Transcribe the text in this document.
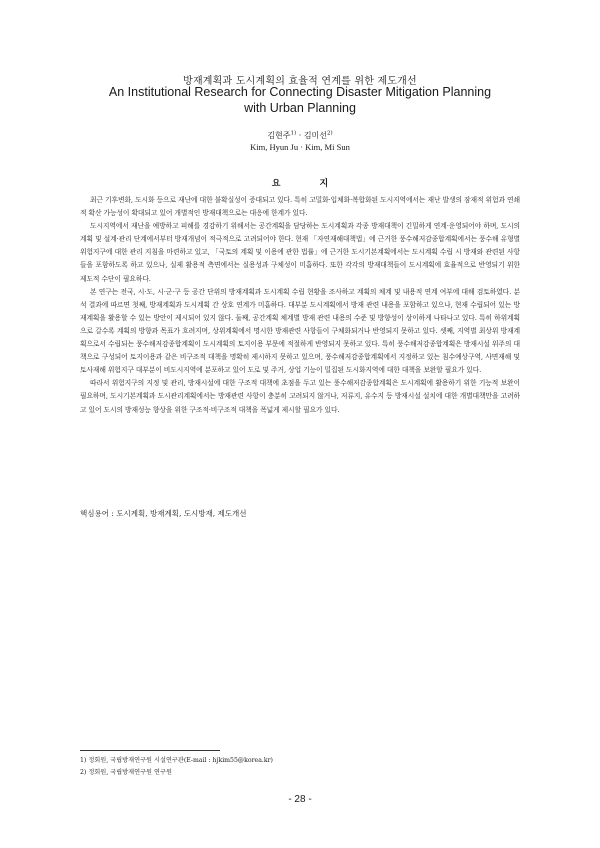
방재계획과 도시계획의 효율적 연계를 위한 제도개선
An Institutional Research for Connecting Disaster Mitigation Planning
with Urban Planning
김현주$^{1)}$ · 김미선$^{2)}$
Kim, Hyun Ju · Kim, Mi Sun
요 지

최근 기후변화, 도시화 등으로 재난에 대한 불확실성이 증대되고 있다. 특히 고밀화·입체화·복합화된 도시지역에서는 재난 발생의 잠재적 위험과 연쇄적 확산 가능성이 확대되고 있어 개별적인 방재대책으로는 대응에 한계가 있다.

도시지역에서 재난을 예방하고 피해를 경감하기 위해서는 공간계획을 담당하는 도시계획과 각종 방재대책이 긴밀하게 연계·운영되어야 하며, 도시의 계획 및 설계·관리 단계에서부터 방재개념이 적극적으로 고려되어야 한다. 현재 「자연재해대책법」에 근거한 풍수해저감종합계획에서는 풍수해 유형별 위험지구에 대한 관리 지침을 마련하고 있고, 「국토의 계획 및 이용에 관한 법률」에 근거한 도시기본계획에서는 도시계획 수립 시 방재와 관련된 사항들을 포함하도록 하고 있으나, 실제 활용적 측면에서는 실용성과 구체성이 미흡하다. 또한 각각의 방재대책들이 도시계획에 효율적으로 반영되기 위한 제도적 수단이 필요하다.

본 연구는 전국, 시·도, 시·군·구 등 공간 단위의 방재계획과 도시계획 수립 현황을 조사하고 계획의 체계 및 내용적 연계 여부에 대해 검토하였다. 분석 결과에 따르면 첫째, 방재계획과 도시계획 간 상호 연계가 미흡하다. 대부분 도시계획에서 방재 관련 내용을 포함하고 있으나, 현재 수립되어 있는 방재계획을 활용할 수 있는 방안이 제시되어 있지 않다. 둘째, 공간계획 체계별 방재 관련 내용의 수준 및 방향성이 상이하게 나타나고 있다. 특히 하위계획으로 갈수록 계획의 방향과 목표가 흐려지며, 상위계획에서 명시한 방재관련 사항들이 구체화되거나 반영되지 못하고 있다. 셋째, 지역별 최상위 방재계획으로서 수립되는 풍수해저감종합계획이 도시계획의 토지이용 부문에 적절하게 반영되지 못하고 있다. 특히 풍수해저감종합계획은 방재시설 위주의 대책으로 구성되어 토지이용과 같은 비구조적 대책을 명확히 제시하지 못하고 있으며, 풍수해저감종합계획에서 지정하고 있는 침수예상구역, 사면재해 및 토사재해 위험지구 대부분이 비도시지역에 분포하고 있어 도로 및 주거, 상업 기능이 밀집된 도시화지역에 대한 대책을 보완할 필요가 있다.

따라서 위험지구의 지정 및 관리, 방재시설에 대한 구조적 대책에 초점을 두고 있는 풍수해저감종합계획은 도시계획에 활용하기 위한 기능적 보완이 필요하며, 도시기본계획과 도시관리계획에서는 방재관련 사항이 충분히 고려되지 않거나, 저류지, 유수지 등 방재시설 설치에 대한 개별대책만을 고려하고 있어 도시의 방재성능 향상을 위한 구조적·비구조적 대책을 폭넓게 제시할 필요가 있다.

핵심용어 : 도시계획, 방재계획, 도시방재, 제도개선
1) 정회원, 국립방재연구원 시설연구관(E-mail : hjkim55@korea.kr)
2) 정회원, 국립방재연구원 연구원
- 28 -
